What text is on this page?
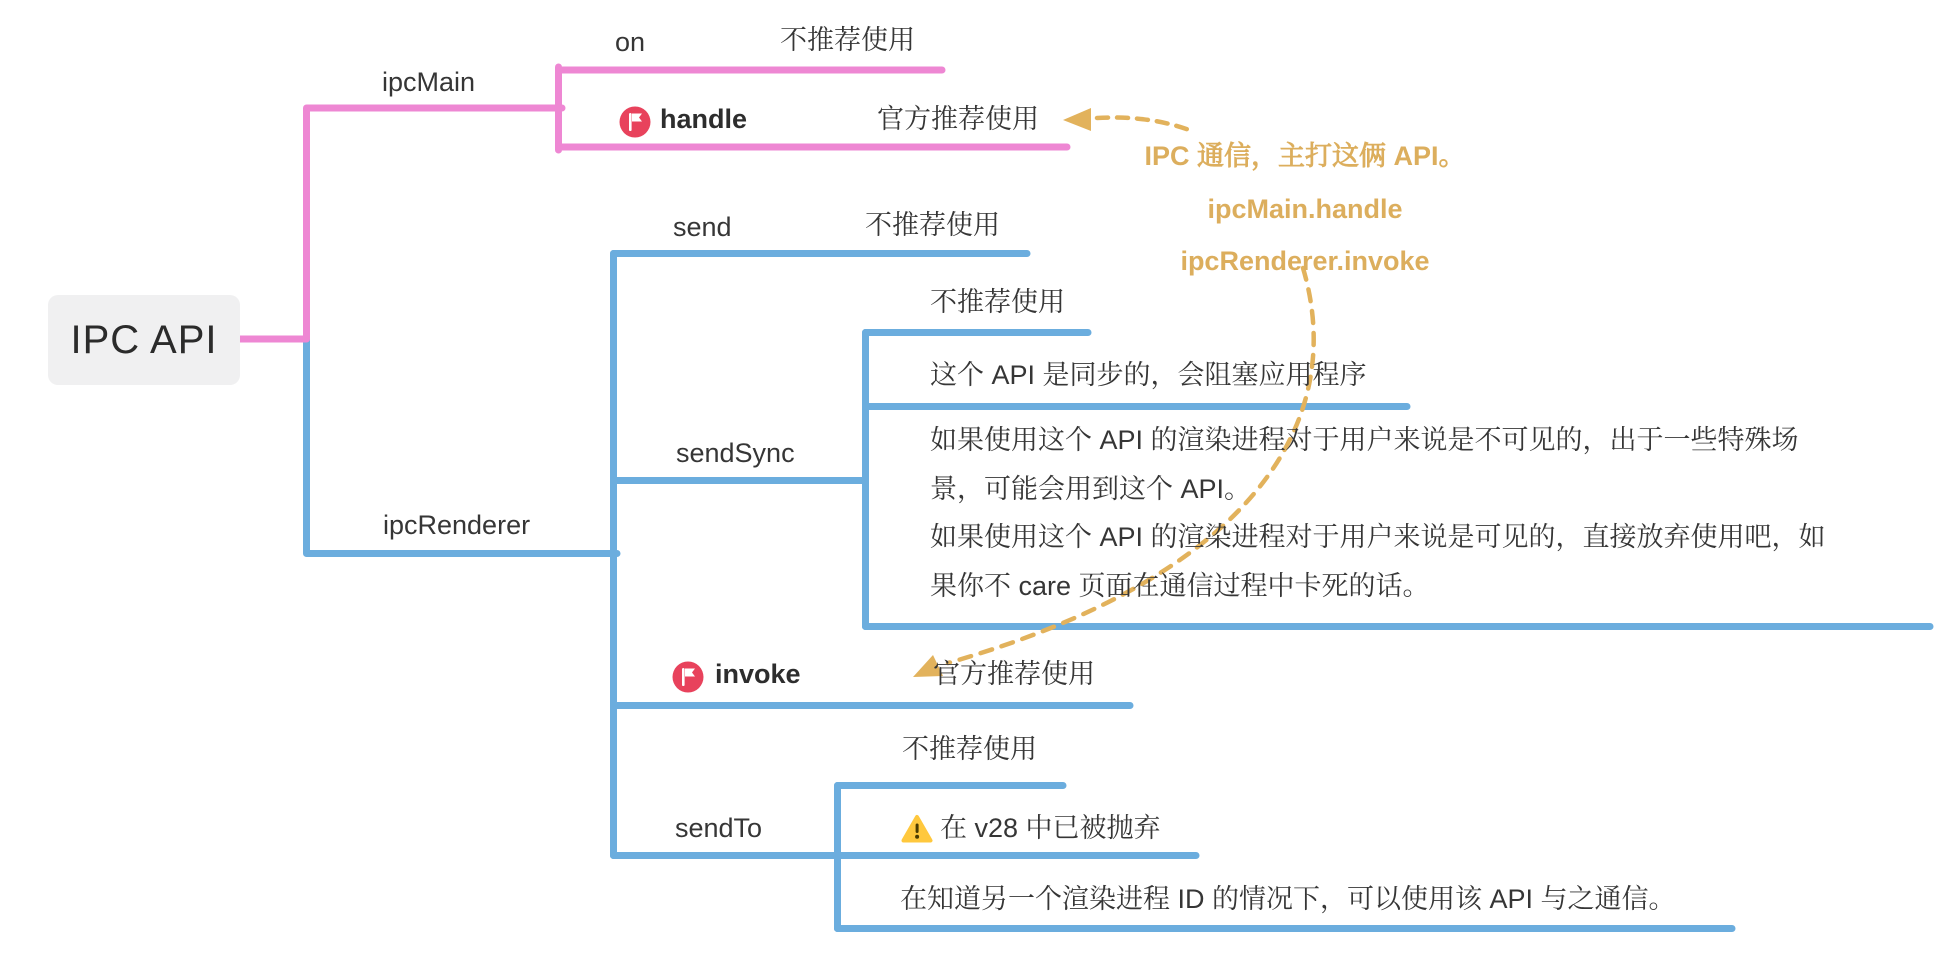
IPC API
ipcMain
on	不推荐使用
handle	官方推荐使用
ipcRenderer
send	不推荐使用
sendSync
不推荐使用
这个 API 是同步的，会阻塞应用程序
如果使用这个 API 的渲染进程对于用户来说是不可见的，出于一些特殊场
景，可能会用到这个 API。
如果使用这个 API 的渲染进程对于用户来说是可见的，直接放弃使用吧，如
果你不 care 页面在通信过程中卡死的话。
invoke	官方推荐使用
sendTo
不推荐使用
在 v28 中已被抛弃
在知道另一个渲染进程 ID 的情况下，可以使用该 API 与之通信。
IPC 通信，主打这俩 API。
ipcMain.handle
ipcRenderer.invoke
